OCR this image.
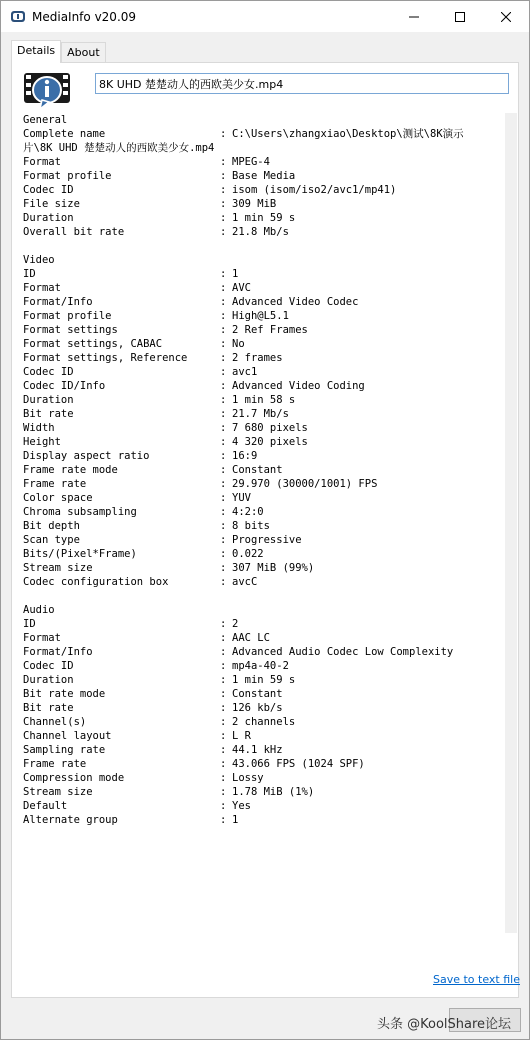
MediaInfo v20.09
Details	About
8K UHD 楚楚动人的西欧美少女.mp4
General
Complete name	: C:\Users\zhangxiao\Desktop\测试\8K演示
片\8K UHD 楚楚动人的西欧美少女.mp4
Format	: MPEG-4
Format profile	: Base Media
Codec ID	: isom (isom/iso2/avc1/mp41)
File size	: 309 MiB
Duration	: 1 min 59 s
Overall bit rate	: 21.8 Mb/s
Video
ID	: 1
Format	: AVC
Format/Info	: Advanced Video Codec
Format profile	: High@L5.1
Format settings	: 2 Ref Frames
Format settings, CABAC	: No
Format settings, Reference	: 2 frames
Codec ID	: avc1
Codec ID/Info	: Advanced Video Coding
Duration	: 1 min 58 s
Bit rate	: 21.7 Mb/s
Width	: 7 680 pixels
Height	: 4 320 pixels
Display aspect ratio	: 16:9
Frame rate mode	: Constant
Frame rate	: 29.970 (30000/1001) FPS
Color space	: YUV
Chroma subsampling	: 4:2:0
Bit depth	: 8 bits
Scan type	: Progressive
Bits/(Pixel*Frame)	: 0.022
Stream size	: 307 MiB (99%)
Codec configuration box	: avcC
Audio
ID	: 2
Format	: AAC LC
Format/Info	: Advanced Audio Codec Low Complexity
Codec ID	: mp4a-40-2
Duration	: 1 min 59 s
Bit rate mode	: Constant
Bit rate	: 126 kb/s
Channel(s)	: 2 channels
Channel layout	: L R
Sampling rate	: 44.1 kHz
Frame rate	: 43.066 FPS (1024 SPF)
Compression mode	: Lossy
Stream size	: 1.78 MiB (1%)
Default	: Yes
Alternate group	: 1
Save to text file
头条 @KoolShare论坛
